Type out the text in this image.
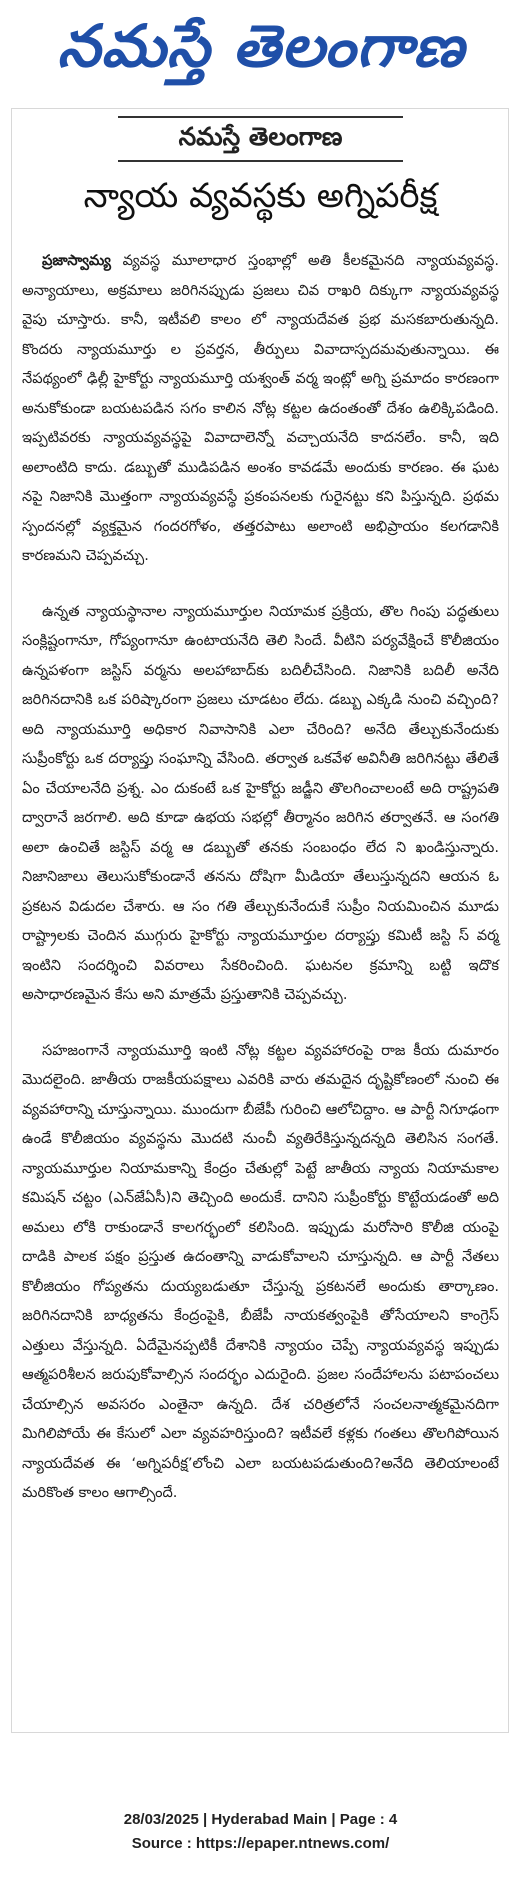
నమస్తే తెలంగాణ
నమస్తే తెలంగాణ
న్యాయ వ్యవస్థకు అగ్నిపరీక్ష

ప్రజాస్వామ్య వ్యవస్థ మూలాధార స్తంభాల్లో అతి కీలకమైనది న్యాయవ్యవస్థ. అన్యాయాలు, అక్రమాలు జరిగినప్పుడు ప్రజలు చివ రాఖరి దిక్కుగా న్యాయవ్యవస్థ వైపు చూస్తారు. కానీ, ఇటీవలి కాలం లో న్యాయదేవత ప్రభ మసకబారుతున్నది. కొందరు న్యాయమూర్తు ల ప్రవర్తన, తీర్పులు వివాదాస్పదమవుతున్నాయి. ఈ నేపథ్యంలో ఢిల్లీ హైకోర్టు న్యాయమూర్తి యశ్వంత్ వర్మ ఇంట్లో అగ్ని ప్రమాదం కారణంగా అనుకోకుండా బయటపడిన సగం కాలిన నోట్ల కట్టల ఉదంతంతో దేశం ఉలిక్కిపడింది. ఇప్పటివరకు న్యాయవ్యవస్థపై వివాదాలెన్నో వచ్చాయనేది కాదనలేం. కానీ, ఇది అలాంటిది కాదు. డబ్బుతో ముడిపడిన అంశం కావడమే అందుకు కారణం. ఈ ఘట నపై నిజానికి మొత్తంగా న్యాయవ్యవస్థే ప్రకంపనలకు గురైనట్టు కని పిస్తున్నది. ప్రథమ స్పందనల్లో వ్యక్తమైన గందరగోళం, తత్తరపాటు అలాంటి అభిప్రాయం కలగడానికి కారణమని చెప్పవచ్చు.

ఉన్నత న్యాయస్థానాల న్యాయమూర్తుల నియామక ప్రక్రియ, తొల గింపు పద్ధతులు సంక్లిష్టంగానూ, గోప్యంగానూ ఉంటాయనేది తెలి సిందే. వీటిని పర్యవేక్షించే కొలీజియం ఉన్నపళంగా జస్టిస్ వర్మను అలహాబాద్‌కు బదిలీచేసింది. నిజానికి బదిలీ అనేది జరిగినదానికి ఒక పరిష్కారంగా ప్రజలు చూడటం లేదు. డబ్బు ఎక్కడి నుంచి వచ్చింది? అది న్యాయమూర్తి అధికార నివాసానికి ఎలా చేరింది? అనేది తేల్చుకునేందుకు సుప్రీంకోర్టు ఒక దర్యాప్తు సంఘాన్ని వేసింది. తర్వాత ఒకవేళ అవినీతి జరిగినట్టు తేలితే ఏం చేయాలనేది ప్రశ్న. ఎం దుకంటే ఒక హైకోర్టు జడ్జీని తొలగించాలంటే అది రాష్ట్రపతి ద్వారానే జరగాలి. అది కూడా ఉభయ సభల్లో తీర్మానం జరిగిన తర్వాతనే. ఆ సంగతి అలా ఉంచితే జస్టిస్ వర్మ ఆ డబ్బుతో తనకు సంబంధం లేద ని ఖండిస్తున్నారు. నిజానిజాలు తెలుసుకోకుండానే తనను దోషిగా మీడియా తేలుస్తున్నదని ఆయన ఓ ప్రకటన విడుదల చేశారు. ఆ సం గతి తేల్చుకునేందుకే సుప్రీం నియమించిన మూడు రాష్ట్రాలకు చెందిన ముగ్గురు హైకోర్టు న్యాయమూర్తుల దర్యాప్తు కమిటీ జస్టి స్ వర్మ ఇంటిని సందర్శించి వివరాలు సేకరించింది. ఘటనల క్రమాన్ని బట్టి ఇదొక అసాధారణమైన కేసు అని మాత్రమే ప్రస్తుతానికి చెప్పవచ్చు.

సహజంగానే న్యాయమూర్తి ఇంటి నోట్ల కట్టల వ్యవహారంపై రాజ కీయ దుమారం మొదలైంది. జాతీయ రాజకీయపక్షాలు ఎవరికి వారు తమదైన దృష్టికోణంలో నుంచి ఈ వ్యవహారాన్ని చూస్తున్నాయి. ముందుగా బీజేపీ గురించి ఆలోచిద్దాం. ఆ పార్టీ నిగూఢంగా ఉండే కొలీజియం వ్యవస్థను మొదటి నుంచీ వ్యతిరేకిస్తున్నదన్నది తెలిసిన సంగతే. న్యాయమూర్తుల నియామకాన్ని కేంద్రం చేతుల్లో పెట్టే జాతీయ న్యాయ నియామకాల కమిషన్ చట్టం (ఎన్‌జేఏసీ)ని తెచ్చింది అందుకే. దానిని సుప్రీంకోర్టు కొట్టేయడంతో అది అమలు లోకి రాకుండానే కాలగర్భంలో కలిసింది. ఇప్పుడు మరోసారి కొలీజి యంపై దాడికి పాలక పక్షం ప్రస్తుత ఉదంతాన్ని వాడుకోవాలని చూస్తున్నది. ఆ పార్టీ నేతలు కొలీజియం గోప్యతను దుయ్యబడుతూ చేస్తున్న ప్రకటనలే అందుకు తార్కాణం. జరిగినదానికి బాధ్యతను కేంద్రంపైకి, బీజేపీ నాయకత్వంపైకి తోసేయాలని కాంగ్రెస్ ఎత్తులు వేస్తున్నది. ఏదేమైనప్పటికీ దేశానికి న్యాయం చెప్పే న్యాయవ్యవస్థ ఇప్పుడు ఆత్మపరిశీలన జరుపుకోవాల్సిన సందర్భం ఎదురైంది. ప్రజల సందేహాలను పటాపంచలు చేయాల్సిన అవసరం ఎంతైనా ఉన్నది. దేశ చరిత్రలోనే సంచలనాత్మకమైనదిగా మిగిలిపోయే ఈ కేసులో ఎలా వ్యవహరిస్తుంది? ఇటీవలే కళ్లకు గంతలు తొలగిపోయిన న్యాయదేవత ఈ ‘అగ్నిపరీక్ష’లోంచి ఎలా బయటపడుతుంది?అనేది తెలియాలంటే మరికొంత కాలం ఆగాల్సిందే.

28/03/2025 | Hyderabad Main | Page : 4
Source : https://epaper.ntnews.com/
